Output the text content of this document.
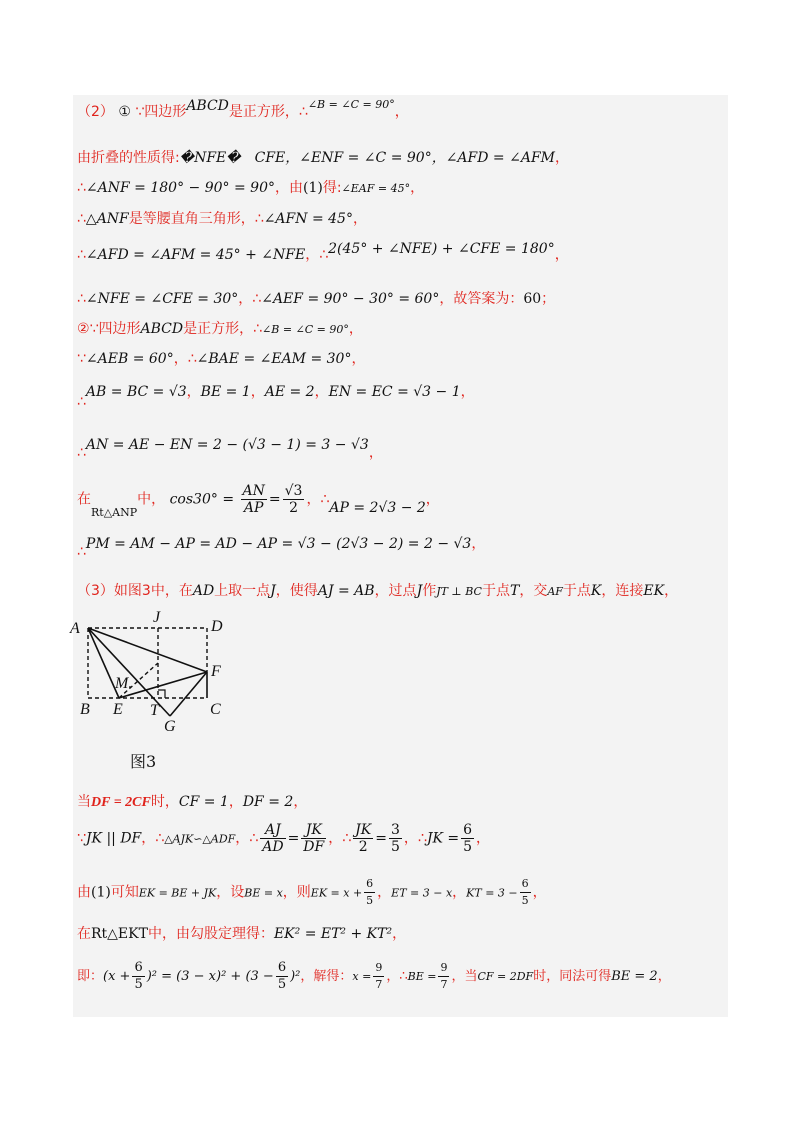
（2） ① ∵四边形ABCD是正方形，∴$^{\angle B = \angle C = 90^\circ}$，
由折叠的性质得:�NFE�　CFE，∠ENF = ∠C = 90°，∠AFD = ∠AFM，
∴∠ANF = 180° − 90° = 90°，由(1)得:∠EAF = 45°，
∴△ANF是等腰直角三角形，∴∠AFN = 45°，
∴∠AFD = ∠AFM = 45° + ∠NFE，∴2(45° + ∠NFE) + ∠CFE = 180°，
∴∠NFE = ∠CFE = 30°，∴∠AEF = 90° − 30° = 60°，故答案为：60；
②∵四边形ABCD是正方形，∴∠B = ∠C = 90°，
∵∠AEB = 60°，∴∠BAE = ∠EAM = 30°，
∴AB = BC = √3，BE = 1，AE = 2，EN = EC = √3 − 1，
∴AN = AE − EN = 2 − (√3 − 1) = 3 − √3，
在$_{Rt\triangle ANP}$中， $\cos 30^\circ = \frac{AN}{AP} = \frac{√3}{2}$ ，∴AP = 2√3 − 2，
∴PM = AM − AP = AD − AP = √3 − (2√3 − 2) = 2 − √3，
（3）如图3中，在AD上取一点J，使得AJ = AB，过点J作JT ⊥ BC于点T，交AF于点K，连接EK，
A
J
D
F
M.
B E T	C
G
图3
当DF = 2CF时，CF = 1，DF = 2，
∵JK || DF，∴△AJK∽△ADF，∴ $\frac{AJ}{AD} = \frac{JK}{DF}$ ，∴ $\frac{JK}{2} = \frac{3}{5}$ ，∴JK = $\frac{6}{5}$ ，
由(1)可知EK = BE + JK，设BE = x，则EK = $x + \frac{6}{5}$ ，ET = 3 − x，KT = $3 - \frac{6}{5}$ ，
在Rt△EKT中，由勾股定理得：EK² = ET² + KT²，
即：$(x + \frac{6}{5} )^2 = (3 - x)^2 + (3 - \frac{6}{5} )^2$，解得：$x = \frac{9}{7}$ ，∴BE = $\frac{9}{7}$ ，当CF = 2DF时，同法可得BE = 2，
